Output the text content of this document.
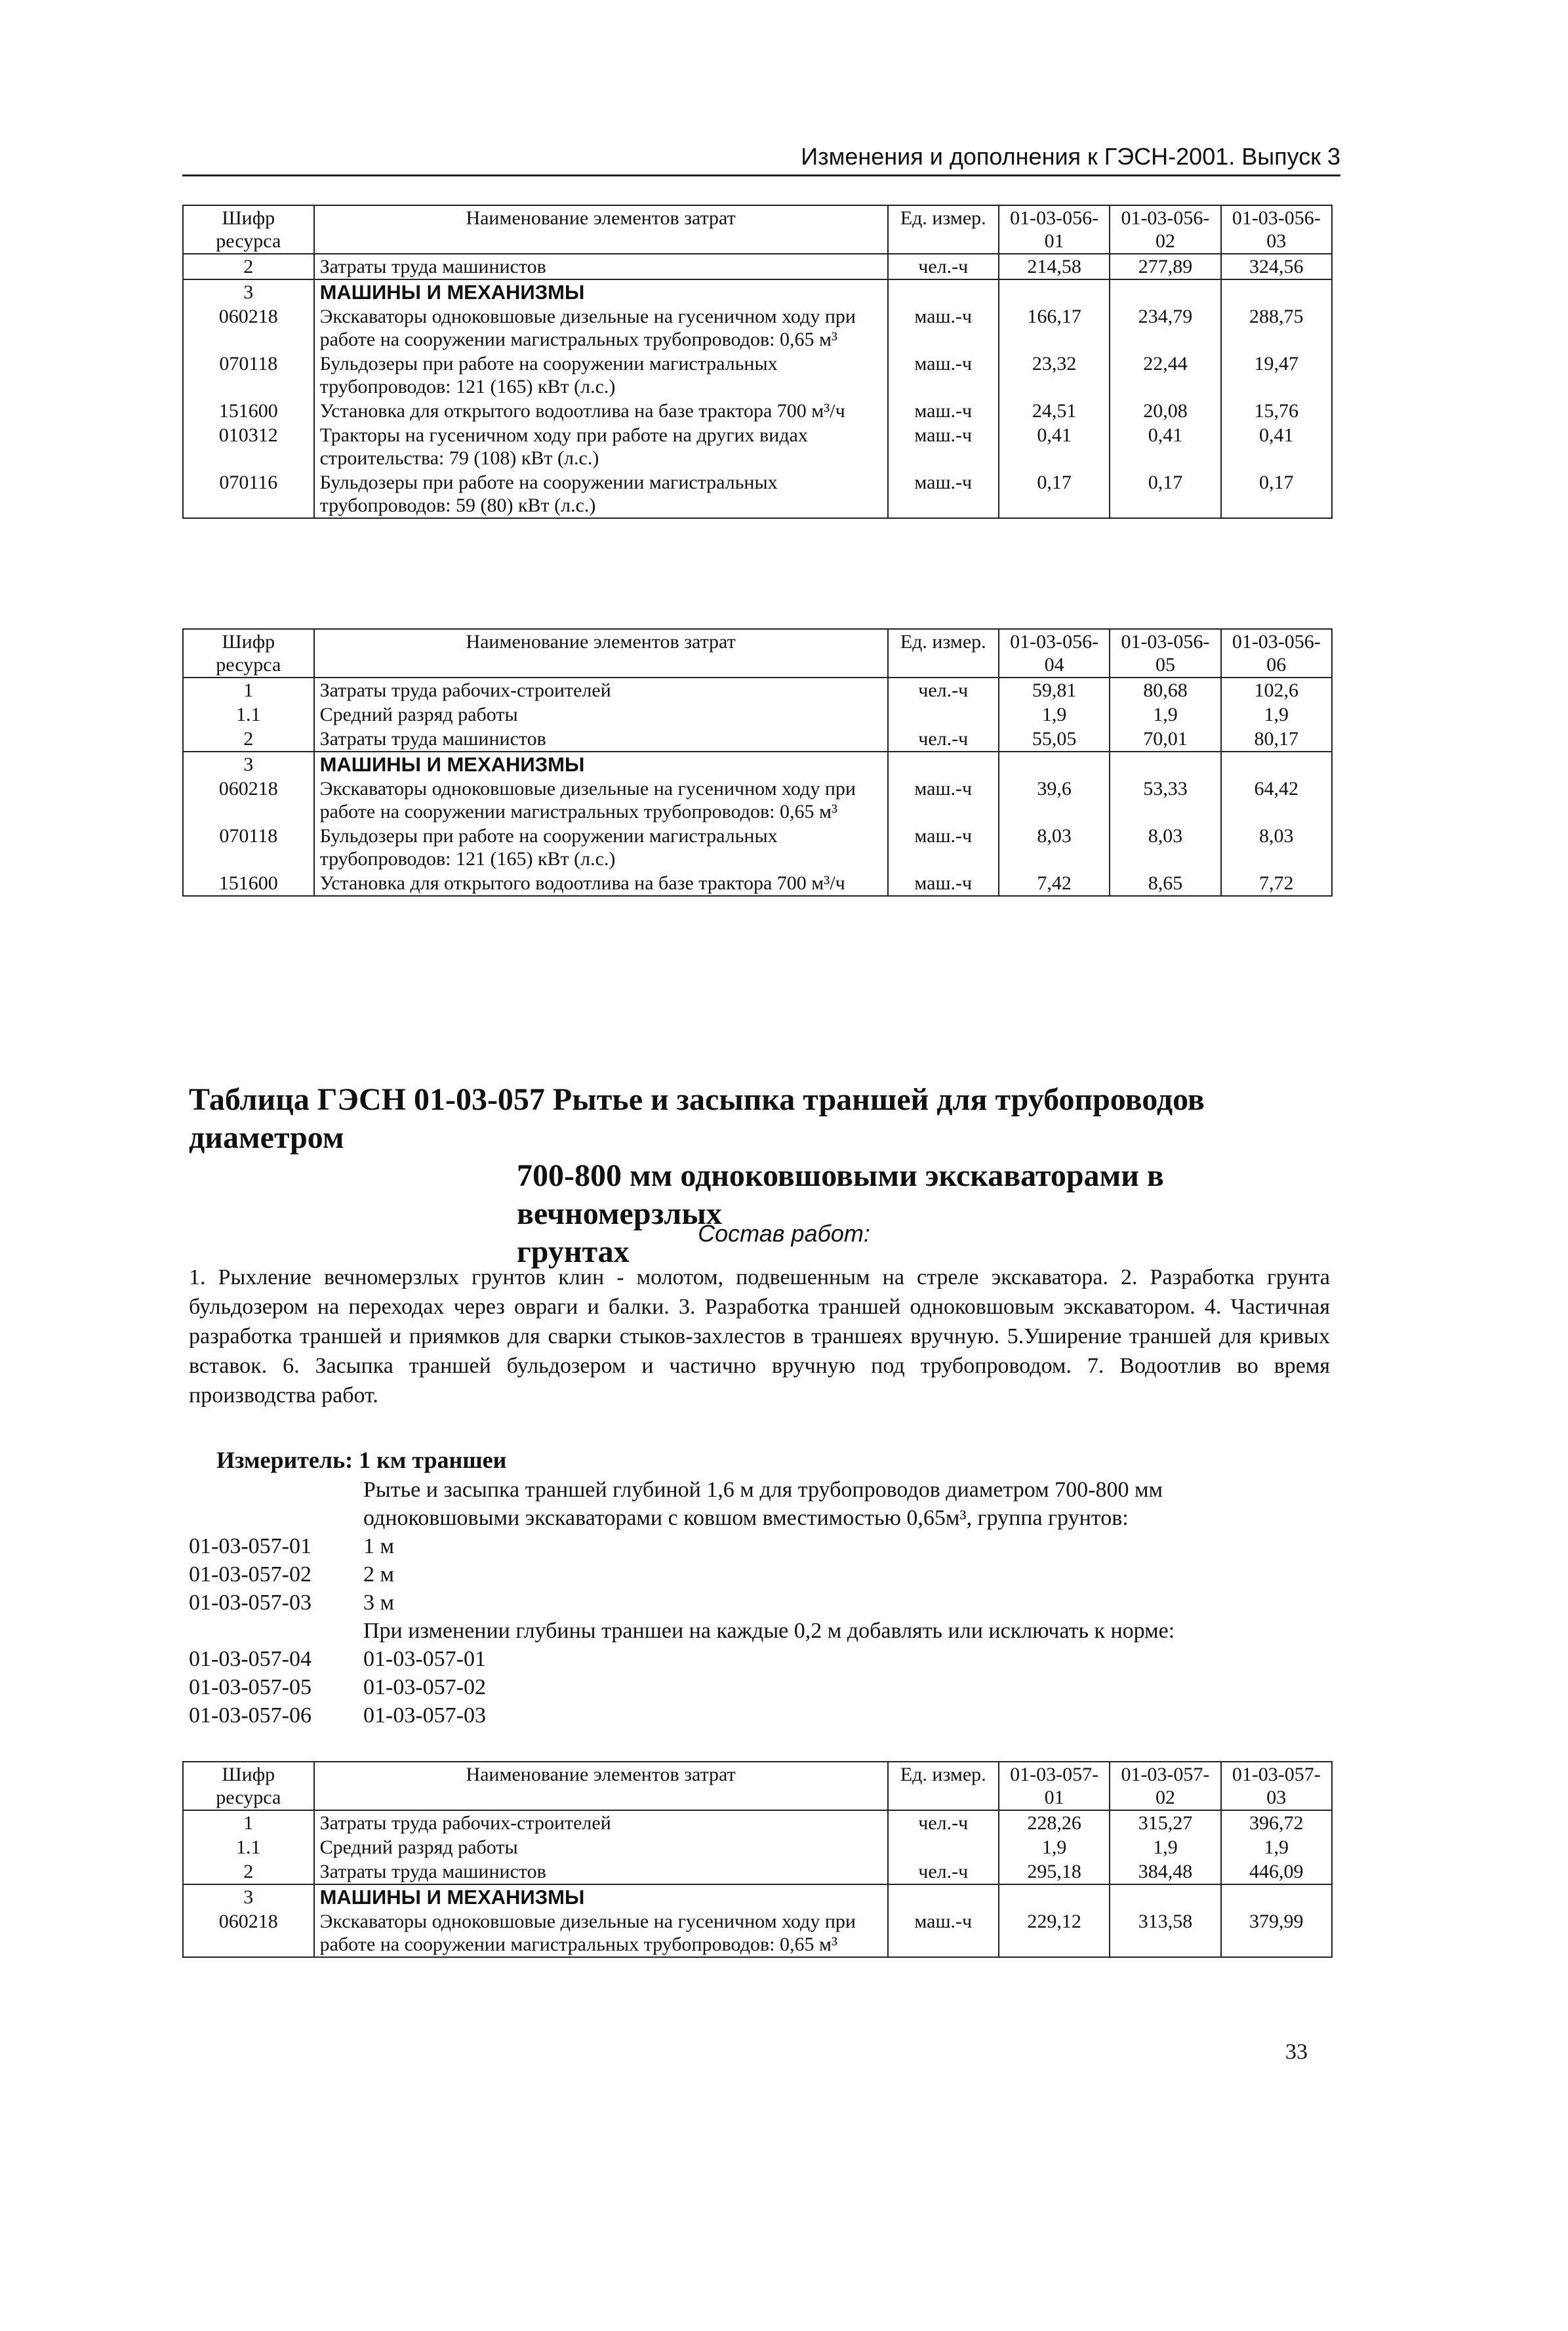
Изменения и дополнения к ГЭСН-2001. Выпуск 3
Шифр ресурса	Наименование элементов затрат	Ед. измер.	01-03-056-01	01-03-056-02	01-03-056-03
2	Затраты труда машинистов	чел.-ч	214,58	277,89	324,56
3	МАШИНЫ И МЕХАНИЗМЫ				
060218	Экскаваторы одноковшовые дизельные на гусеничном ходу при работе на сооружении магистральных трубопроводов: 0,65 м³	маш.-ч	166,17	234,79	288,75
070118	Бульдозеры при работе на сооружении магистральных трубопроводов: 121 (165) кВт (л.с.)	маш.-ч	23,32	22,44	19,47
151600	Установка для открытого водоотлива на базе трактора 700 м³/ч	маш.-ч	24,51	20,08	15,76
010312	Тракторы на гусеничном ходу при работе на других видах строительства: 79 (108) кВт (л.с.)	маш.-ч	0,41	0,41	0,41
070116	Бульдозеры при работе на сооружении магистральных трубопроводов: 59 (80) кВт (л.с.)	маш.-ч	0,17	0,17	0,17
Шифр ресурса	Наименование элементов затрат	Ед. измер.	01-03-056-04	01-03-056-05	01-03-056-06
1	Затраты труда рабочих-строителей	чел.-ч	59,81	80,68	102,6
1.1	Средний разряд работы		1,9	1,9	1,9
2	Затраты труда машинистов	чел.-ч	55,05	70,01	80,17
3	МАШИНЫ И МЕХАНИЗМЫ				
060218	Экскаваторы одноковшовые дизельные на гусеничном ходу при работе на сооружении магистральных трубопроводов: 0,65 м³	маш.-ч	39,6	53,33	64,42
070118	Бульдозеры при работе на сооружении магистральных трубопроводов: 121 (165) кВт (л.с.)	маш.-ч	8,03	8,03	8,03
151600	Установка для открытого водоотлива на базе трактора 700 м³/ч	маш.-ч	7,42	8,65	7,72
Таблица ГЭСН 01-03-057 Рытье и засыпка траншей для трубопроводов диаметром
700-800 мм одноковшовыми экскаваторами в вечномерзлых
грунтах
Состав работ:
1. Рыхление вечномерзлых грунтов клин - молотом, подвешенным на стреле экскаватора. 2. Разработка грунта бульдозером на переходах через овраги и балки. 3. Разработка траншей одноковшовым экскаватором. 4. Частичная разработка траншей и приямков для сварки стыков-захлестов в траншеях вручную. 5.Уширение траншей для кривых вставок. 6. Засыпка траншей бульдозером и частично вручную под трубопроводом. 7. Водоотлив во время производства работ.
Измеритель: 1 км траншеи
Рытье и засыпка траншей глубиной 1,6 м для трубопроводов диаметром 700-800 мм
одноковшовыми экскаваторами с ковшом вместимостью 0,65м³, группа грунтов:
01-03-057-01	1 м
01-03-057-02	2 м
01-03-057-03	3 м
При изменении глубины траншеи на каждые 0,2 м добавлять или исключать к норме:
01-03-057-04	01-03-057-01
01-03-057-05	01-03-057-02
01-03-057-06	01-03-057-03
Шифр ресурса	Наименование элементов затрат	Ед. измер.	01-03-057-01	01-03-057-02	01-03-057-03
1	Затраты труда рабочих-строителей	чел.-ч	228,26	315,27	396,72
1.1	Средний разряд работы		1,9	1,9	1,9
2	Затраты труда машинистов	чел.-ч	295,18	384,48	446,09
3	МАШИНЫ И МЕХАНИЗМЫ				
060218	Экскаваторы одноковшовые дизельные на гусеничном ходу при работе на сооружении магистральных трубопроводов: 0,65 м³	маш.-ч	229,12	313,58	379,99
33
